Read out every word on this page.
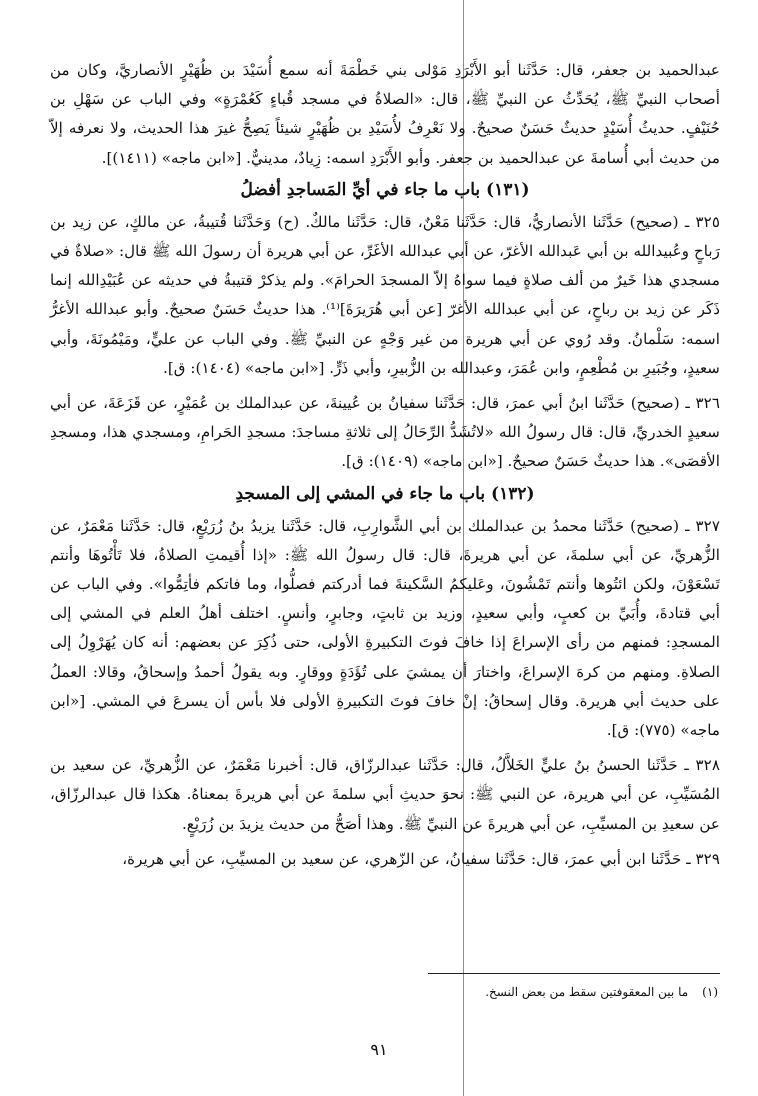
عبدالحميد بن جعفر، قال: حَدَّثَنا أبو الأَبْرَدِ مَوْلى بني خَطْمَةَ أنه سمع أُسَيْدَ بن ظُهَيْرٍ الأنصاريَّ، وكان من أصحاب النبيِّ ﷺ، يُحَدِّثُ عن النبيِّ ﷺ، قال: «الصلاةُ في مسجد قُباءٍ كَعُمْرَةٍ» وفي الباب عن سَهْلِ بن حُنَيْفٍ. حديثُ أُسَيْدٍ حديثٌ حَسَنٌ صحيحٌ. ولا نَعْرِفُ لأُسَيْدِ بن ظُهَيْرٍ شيئاً يَصِحُّ غيرَ هذا الحديث، ولا نعرفه إلاّ من حديث أبي أُسامةَ عن عبدالحميد بن جعفر. وأبو الأَبْرَدِ اسمه: زِيادٌ، مدينيٌّ. [«ابن ماجه» (١٤١١)].

(١٣١) باب ما جاء في أيِّ المَساجدِ أفضلُ

٣٢٥ ـ (صحيح) حَدَّثَنا الأنصاريُّ، قال: حَدَّثَنا مَعْنٌ، قال: حَدَّثَنا مالكٌ. (ح) وَحَدَّثَنا قُتيبةُ، عن مالكٍ، عن زيد بن رَباحٍ وعُبيدالله بن أبي عَبدالله الأغرّ، عن أبي عبدالله الأغَرِّ، عن أبي هريرة أن رسولَ الله ﷺ قال: «صلاةٌ في مسجدي هذا خَيرٌ من ألف صلاةٍ فيما سواهُ إلاّ المسجدَ الحرامَ». ولم يذكرْ قتيبةُ في حديثه عن عُبَيْدِالله إنما ذَكَر عن زيد بن رباحٍ، عن أبي عبدالله الأغرّ [عن أبي هُرَيرَةَ]⁽¹⁾. هذا حديثٌ حَسَنٌ صحيحٌ. وأبو عبدالله الأغرُّ اسمه: سَلْمانُ. وقد رُوي عن أبي هريرة من غير وَجْهٍ عن النبيِّ ﷺ. وفي الباب عن عليٍّ، ومَيْمُونَةَ، وأبي سعيدٍ، وجُبَيرِ بن مُطْعِمٍ، وابن عُمَرَ، وعبدالله بن الزُّبيرِ، وأبي ذَرٍّ. [«ابن ماجه» (١٤٠٤): ق].

٣٢٦ ـ (صحيح) حَدَّثَنا ابنُ أبي عمرَ، قال: حَدَّثَنا سفيانُ بن عُيينةَ، عن عبدالملك بن عُمَيْرٍ، عن قَزَعَةَ، عن أبي سعيدٍ الخدريِّ، قال: قال رسولُ الله «لاتُشَدُّ الرِّحَالُ إلى ثلاثةِ مساجدَ: مسجدِ الحَرامِ، ومسجدي هذا، ومسجدِ الأقصَى». هذا حديثٌ حَسَنٌ صحيحٌ. [«ابن ماجه» (١٤٠٩): ق].

(١٣٢) باب ما جاء في المشي إلى المسجدِ

٣٢٧ ـ (صحيح) حَدَّثَنا محمدُ بن عبدالملك بن أبي الشَّوارِبِ، قال: حَدَّثَنا يزيدُ بنُ زُرَيْعٍ، قال: حَدَّثَنا مَعْمَرٌ، عن الزُّهريِّ، عن أبي سلمةَ، عن أبي هريرةَ، قال: قال رسولُ الله ﷺ: «إذا أُقيمتِ الصلاةُ، فلا تَأْتُوهَا وأنتم تَسْعَوْنَ، ولكن ائتُوها وأنتم تَمْشُونَ، وعَليكمُ السَّكينةَ فما أدركتم فصلُّوا، وما فاتكم فأتِمُّوا». وفي الباب عن أبي قتادةَ، وأُبَيِّ بن كعبٍ، وأبي سعيدٍ، وزيد بن ثابتٍ، وجابرٍ، وأنسٍ. اختلف أهلُ العلم في المشي إلى المسجدِ: فمنهم من رأى الإسراعَ إذا خافَ فوتَ التكبيرةِ الأولى، حتى ذُكِرَ عن بعضهم: أنه كان يُهَرْوِلُ إلى الصلاةِ. ومنهم من كرهَ الإسراعَ، واختارَ أن يمشيَ على تُؤَدَةٍ ووقارٍ. وبه يقولُ أحمدُ وإسحاقُ، وقالا: العملُ على حديث أبي هريرة. وقال إسحاقُ: إنْ خافَ فوتَ التكبيرةِ الأولى فلا بأس أن يسرعَ في المشي. [«ابن ماجه» (٧٧٥): ق].

٣٢٨ ـ حَدَّثَنا الحسنُ بنُ عليٍّ الخَلاَّلُ، قال: حَدَّثَنا عبدالرزّاق، قال: أخبرنا مَعْمَرٌ، عن الزُّهريِّ، عن سعيد بن المُسَيِّبِ، عن أبي هريرة، عن النبي ﷺ: نحوَ حديثِ أبي سلمةَ عن أبي هريرةَ بمعناهُ. هكذا قال عبدالرزّاق، عن سعيدِ بن المسيِّبِ، عن أبي هريرةَ عن النبيِّ ﷺ. وهذا أصَحُّ من حديث يزيدَ بن زُرَيْعٍ.

٣٢٩ ـ حَدَّثَنا ابن أبي عمرَ، قال: حَدَّثَنا سفيانُ، عن الزّهري، عن سعيد بن المسيِّبِ، عن أبي هريرة،

(١)ما بين المعقوفتين سقط من بعض النسخ.
٩١
